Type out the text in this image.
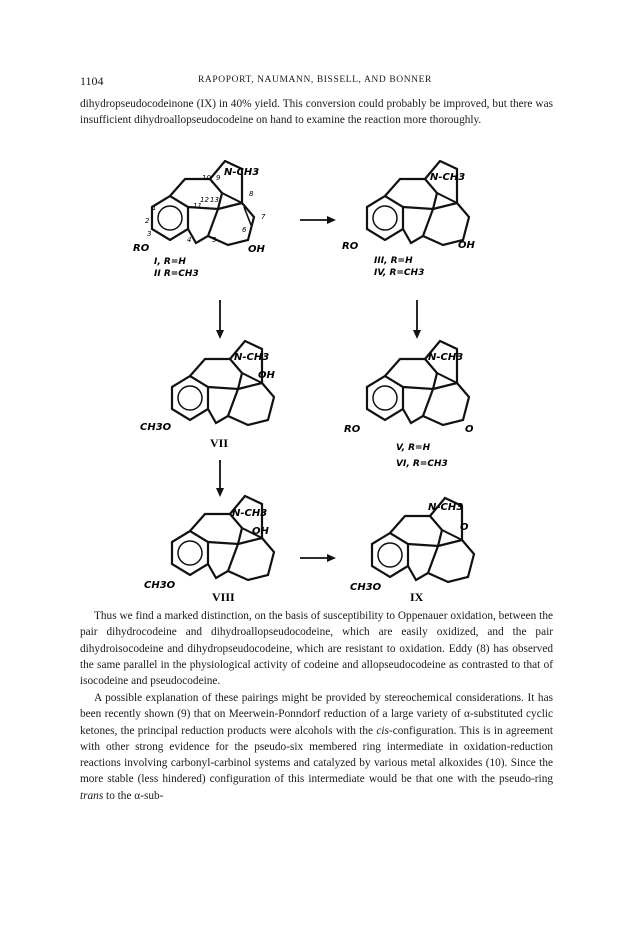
1104	RAPOPORT, NAUMANN, BISSELL, AND BONNER

dihydropseudocodeinone (IX) in 40% yield. This conversion could probably be improved, but there was insufficient dihydroallopseudocodeine on hand to examine the reaction more thoroughly.

N-CH3
RO	OH
1
2
3
4	5
6
7
8
9
10
11
12 13
I, R=H
II R=CH3
N-CH3
RO	OH
III, R=H
IV, R=CH3
N-CH3
OH
CH3O
VII
N-CH3
O
RO
V, R=H
VI, R=CH3
N-CH3
OH
CH3O
VIII
N-CH3
O
CH3O
IX

Thus we find a marked distinction, on the basis of susceptibility to Oppenauer oxidation, between the pair dihydrocodeine and dihydroallopseudocodeine, which are easily oxidized, and the pair dihydroisocodeine and dihydropseudocodeine, which are resistant to oxidation. Eddy (8) has observed the same parallel in the physiological activity of codeine and allopseudocodeine as contrasted to that of isocodeine and pseudocodeine.

A possible explanation of these pairings might be provided by stereochemical considerations. It has been recently shown (9) that on Meerwein-Ponndorf reduction of a large variety of α-substituted cyclic ketones, the principal reduction products were alcohols with the cis-configuration. This is in agreement with other strong evidence for the pseudo-six membered ring intermediate in oxidation-reduction reactions involving carbonyl-carbinol systems and catalyzed by various metal alkoxides (10). Since the more stable (less hindered) configuration of this intermediate would be that one with the pseudo-ring trans to the α-sub-
